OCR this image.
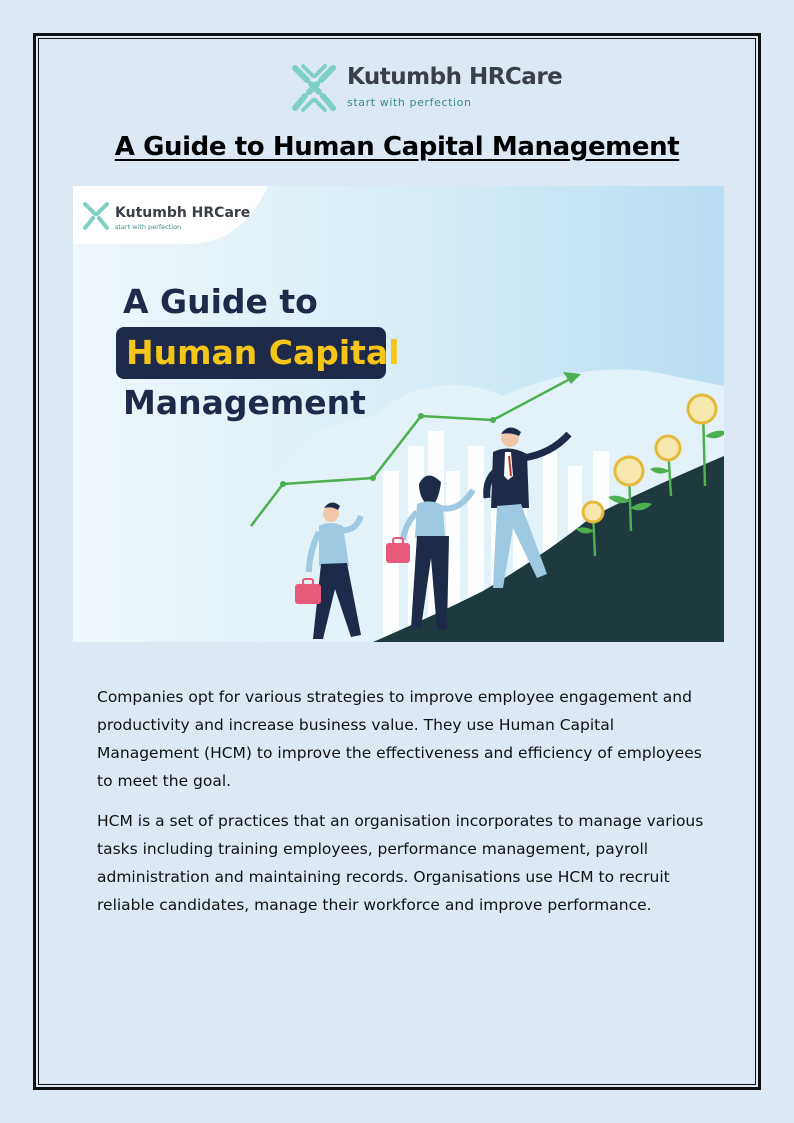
Kutumbh HRCare
start with perfection
A Guide to Human Capital Management
Kutumbh HRCare
start with perfection
A Guide to
Human Capital
Management

Companies opt for various strategies to improve employee engagement and productivity and increase business value. They use Human Capital Management (HCM) to improve the effectiveness and efficiency of employees to meet the goal.

HCM is a set of practices that an organisation incorporates to manage various tasks including training employees, performance management, payroll administration and maintaining records. Organisations use HCM to recruit reliable candidates, manage their workforce and improve performance.
